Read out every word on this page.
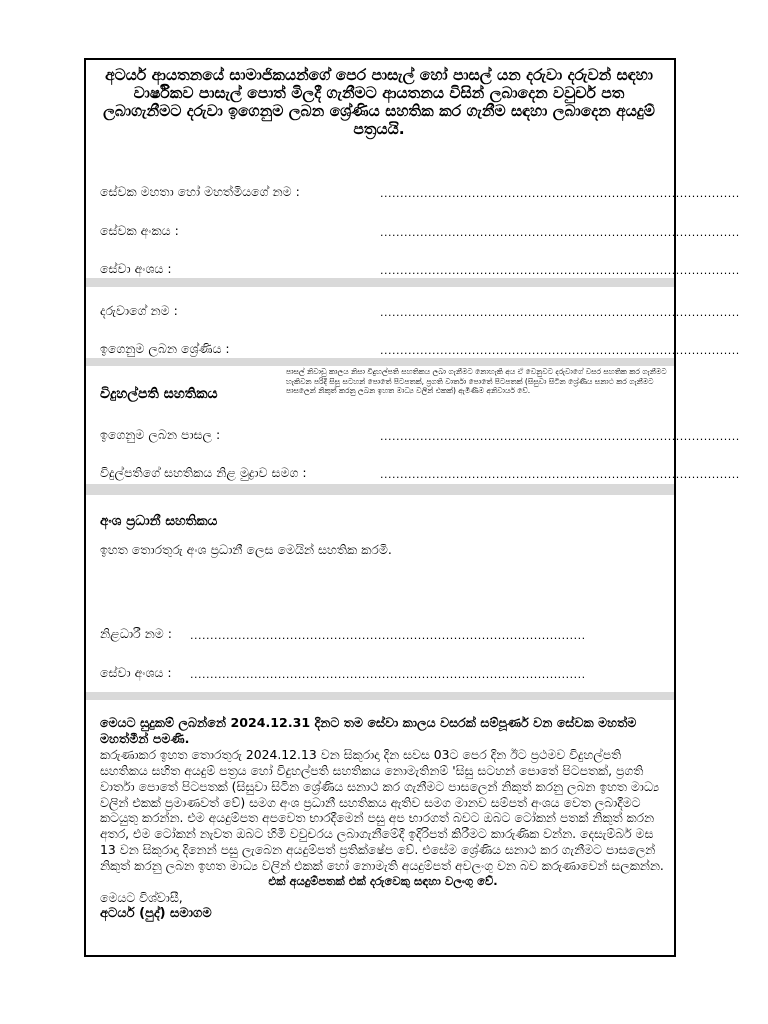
අටයර් ආයතනයේ සාමාජිකයන්ගේ පෙර පාසැල් හෝ පාසල් යන දරුවා දරුවන් සඳහා වාර්ෂිකව පාසැල් පොත් මිලදී ගැනීමට ආයතනය විසින් ලබාදෙන වවුචර් පත ලබාගැනීමට දරුවා ඉගෙනුම ලබන ශ්‍රේණිය සහතික කර ගැනීම සඳහා ලබාදෙන අයදුම් පත්‍රයයි.
සේවක මහතා හෝ මහත්මියගේ නම :	..........................................................................................
සේවක අංකය :	..........................................................................................
සේවා අංශය :	..........................................................................................
දරුවාගේ නම :	..........................................................................................
ඉගෙනුම ලබන ශ්‍රේණිය :	..........................................................................................
විදුහල්පති සහතිකය
පාසල් නිවාඩු කාලය නිසා විදුහල්පති සහතිකය ලබා ගැනීමට නොහැකි අය ඒ වෙනුවට දරුවාගේ වසර සහතික කර ගැනීමට හැකිවන පරිදි සිසු සටහන් පොතේ පිටපතක්, ප්‍රගති වාර්තා පොතේ පිටපතක් (සිසුවා සිටින ශ්‍රේණිය සනාථ කර ගැනීමට පාසලෙන් නිකුත් කරනු ලබන ඉහත මාධ්‍ය වලින් එකක්) ඇමිණීම අනිවාර්ය වේ.
ඉගෙනුම ලබන පාසල :	..........................................................................................
විදුල්පතිගේ සහතිකය නිළ මුද්‍රාව සමග :	..........................................................................................
අංශ ප්‍රධානී සහතිකය
ඉහත තොරතුරු අංශ ප්‍රධානී ලෙස මෙයින් සහතික කරමි.
නිළධාරී නම : ...................................................................................................
සේවා අංශය : ...................................................................................................

මෙයට සුදුකම් ලබන්නේ 2024.12.31 දිනට තම සේවා කාලය වසරක් සම්පූර්ණ වන සේවක මහත්ම මහත්මීන් පමණි.

කරුණාකර ඉහත තොරතුරු 2024.12.13 වන සිකුරාදා දින සවස 03ට පෙර දින ඊට ප්‍රථමව විදුහල්පති සහතිකය සහිත අයදුම් පත්‍රය හෝ විදුහල්පති සහතිකය නොමැතිනම් 'සිසු සටහන් පොතේ පිටපතක්, ප්‍රගති වාර්තා පොතේ පිටපතක් (සිසුවා සිටින ශ්‍රේණිය සනාථ කර ගැනීමට පාසලෙන් නිකුත් කරනු ලබන ඉහත මාධ්‍ය වලින් එකක් ප්‍රමාණවත් වේ) සමග අංශ ප්‍රධානී සහතිකය ඇතිව සමග මානව සම්පත් අංශය වෙත ලබාදීමට කටයුතු කරන්න. එම අයදුම්පත අපවෙත භාරදීමෙන් පසු අප භාරගත් බවට ඔබට ටෝකන් පතක් නිකුත් කරන අතර, එම ටෝකන් නැවත ඔබට හිමි වවුචරය ලබාගැනීමේදී ඉදිරිපත් කිරීමට කාරුණික වන්න. දෙසැම්බර් මස 13 වන සිකුරාදා දිනෙන් පසු ලැබෙන අයදුම්පත් ප්‍රතික්ෂේප වේ. එසේම ශ්‍රේණිය සනාථ කර ගැනීමට පාසලෙන් නිකුත් කරනු ලබන ඉහත මාධ්‍ය වලින් එකක් හෝ නොමැති අයදුම්පත් අවලංගු වන බව කරුණාවෙන් සලකන්න.

එක් අයදුම්පතක් එක් දරුවෙකු සඳහා වලංගු වේ.

මෙයට විශ්වාසී,

අටයර් (පුද්) සමාගම
